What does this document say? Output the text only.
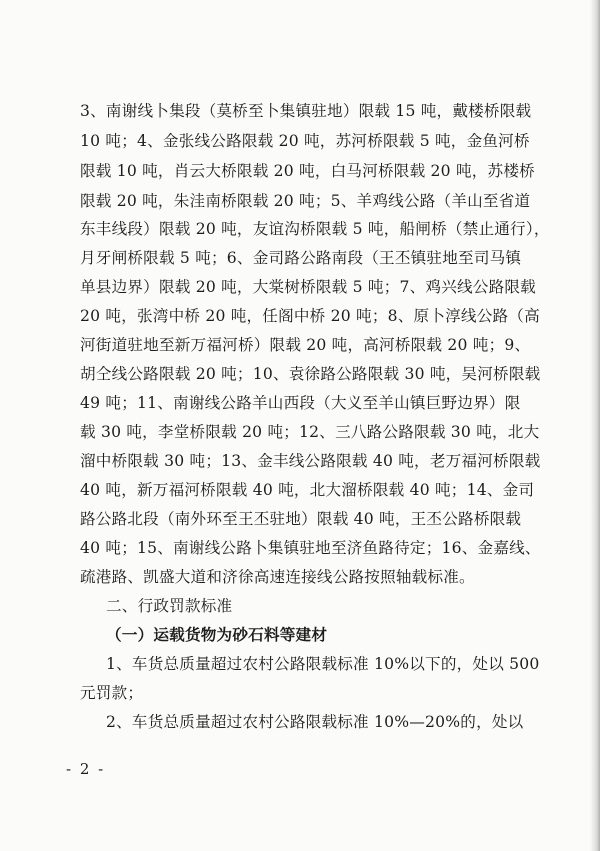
3、南谢线卜集段（莫桥至卜集镇驻地）限载 15 吨，戴楼桥限载
10 吨；4、金张线公路限载 20 吨，苏河桥限载 5 吨，金鱼河桥
限载 10 吨，肖云大桥限载 20 吨，白马河桥限载 20 吨，苏楼桥
限载 20 吨，朱洼南桥限载 20 吨；5、羊鸡线公路（羊山至省道
东丰线段）限载 20 吨，友谊沟桥限载 5 吨，船闸桥（禁止通行），
月牙闸桥限载 5 吨；6、金司路公路南段（王丕镇驻地至司马镇
单县边界）限载 20 吨，大棠树桥限载 5 吨；7、鸡兴线公路限载
20 吨，张湾中桥 20 吨，任阁中桥 20 吨；8、原卜淳线公路（高
河街道驻地至新万福河桥）限载 20 吨，高河桥限载 20 吨；9、
胡仝线公路限载 20 吨；10、袁徐路公路限载 30 吨，吴河桥限载
49 吨；11、南谢线公路羊山西段（大义至羊山镇巨野边界）限
载 30 吨，李堂桥限载 20 吨；12、三八路公路限载 30 吨，北大
溜中桥限载 30 吨；13、金丰线公路限载 40 吨，老万福河桥限载
40 吨，新万福河桥限载 40 吨，北大溜桥限载 40 吨；14、金司
路公路北段（南外环至王丕驻地）限载 40 吨，王丕公路桥限载
40 吨；15、南谢线公路卜集镇驻地至济鱼路待定；16、金嘉线、
疏港路、凯盛大道和济徐高速连接线公路按照轴载标准。
二、行政罚款标准
（一）运载货物为砂石料等建材
1、车货总质量超过农村公路限载标准 10%以下的，处以 500
元罚款；
2、车货总质量超过农村公路限载标准 10%—20%的，处以
- 2 -
